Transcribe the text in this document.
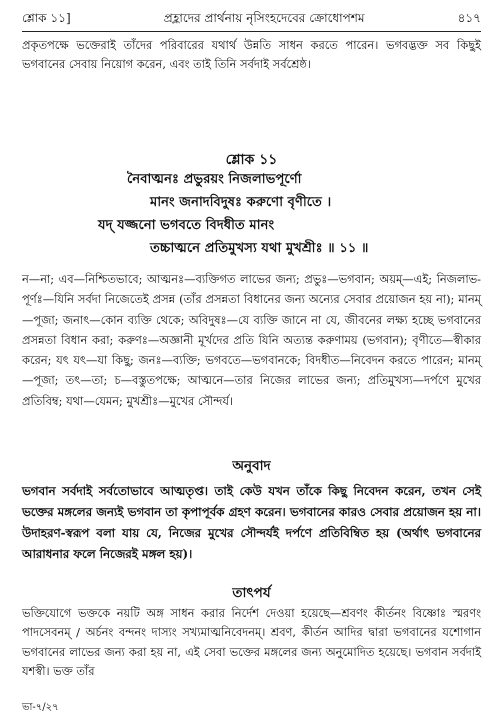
শ্লোক ১১]	প্রহ্লাদের প্রার্থনায় নৃসিংহদেবের ক্রোধোপশম	৪১৭
প্রকৃতপক্ষে ভক্তেরাই তাঁদের পরিবারের যথার্থ উন্নতি সাধন করতে পারেন। ভগবদ্ভক্ত সব কিছুই ভগবানের সেবায় নিয়োগ করেন, এবং তাই তিনি সর্বদাই সর্বশ্রেষ্ঠ।
শ্লোক ১১
নৈবাত্মনঃ প্রভুরয়ং নিজলাভপূর্ণো
মানং জনাদবিদুষঃ করুণো বৃণীতে ।
যদ্ যজ্জনো ভগবতে বিদধীত মানং
তচ্চাত্মনে প্রতিমুখস্য যথা মুখশ্রীঃ ॥ ১১ ॥
ন—না; এব—নিশ্চিতভাবে; আত্মনঃ—ব্যক্তিগত লাভের জন্য; প্রভুঃ—ভগবান; অয়ম্—এই; নিজলাভ-পূর্ণঃ—যিনি সর্বদা নিজেতেই প্রসন্ন (তাঁর প্রসন্নতা বিধানের জন্য অন্যের সেবার প্রয়োজন হয় না); মানম্—পূজা; জনাৎ—কোন ব্যক্তি থেকে; অবিদুষঃ—যে ব্যক্তি জানে না যে, জীবনের লক্ষ্য হচ্ছে ভগবানের প্রসন্নতা বিধান করা; করুণঃ—অজ্ঞানী মূর্খদের প্রতি যিনি অত্যন্ত করুণাময় (ভগবান); বৃণীতে—স্বীকার করেন; যৎ যৎ—যা কিছু; জনঃ—ব্যক্তি; ভগবতে—ভগবানকে; বিদধীত—নিবেদন করতে পারেন; মানম্—পূজা; তৎ—তা; চ—বস্তুতপক্ষে; আত্মনে—তার নিজের লাভের জন্য; প্রতিমুখস্য—দর্পণে মুখের প্রতিবিম্ব; যথা—যেমন; মুখশ্রীঃ—মুখের সৌন্দর্য।
অনুবাদ
ভগবান সর্বদাই সর্বতোভাবে আত্মতৃপ্ত। তাই কেউ যখন তাঁকে কিছু নিবেদন করেন, তখন সেই ভক্তের মঙ্গলের জন্যই ভগবান তা কৃপাপূর্বক গ্রহণ করেন। ভগবানের কারও সেবার প্রয়োজন হয় না। উদাহরণ-স্বরূপ বলা যায় যে, নিজের মুখের সৌন্দর্যই দর্পণে প্রতিবিম্বিত হয় (অর্থাৎ ভগবানের আরাধনার ফলে নিজেরই মঙ্গল হয়)।
তাৎপর্য
ভক্তিযোগে ভক্তকে নয়টি অঙ্গ সাধন করার নির্দেশ দেওয়া হয়েছে—শ্রবণং কীর্তনং বিষ্ণোঃ স্মরণং পাদসেবনম্ / অর্চনং বন্দনং দাস্যং সখ্যমাত্মনিবেদনম্। শ্রবণ, কীর্তন আদির দ্বারা ভগবানের যশোগান ভগবানের লাভের জন্য করা হয় না, এই সেবা ভক্তের মঙ্গলের জন্য অনুমোদিত হয়েছে। ভগবান সর্বদাই যশস্বী। ভক্ত তাঁর
ভা-৭/২৭
